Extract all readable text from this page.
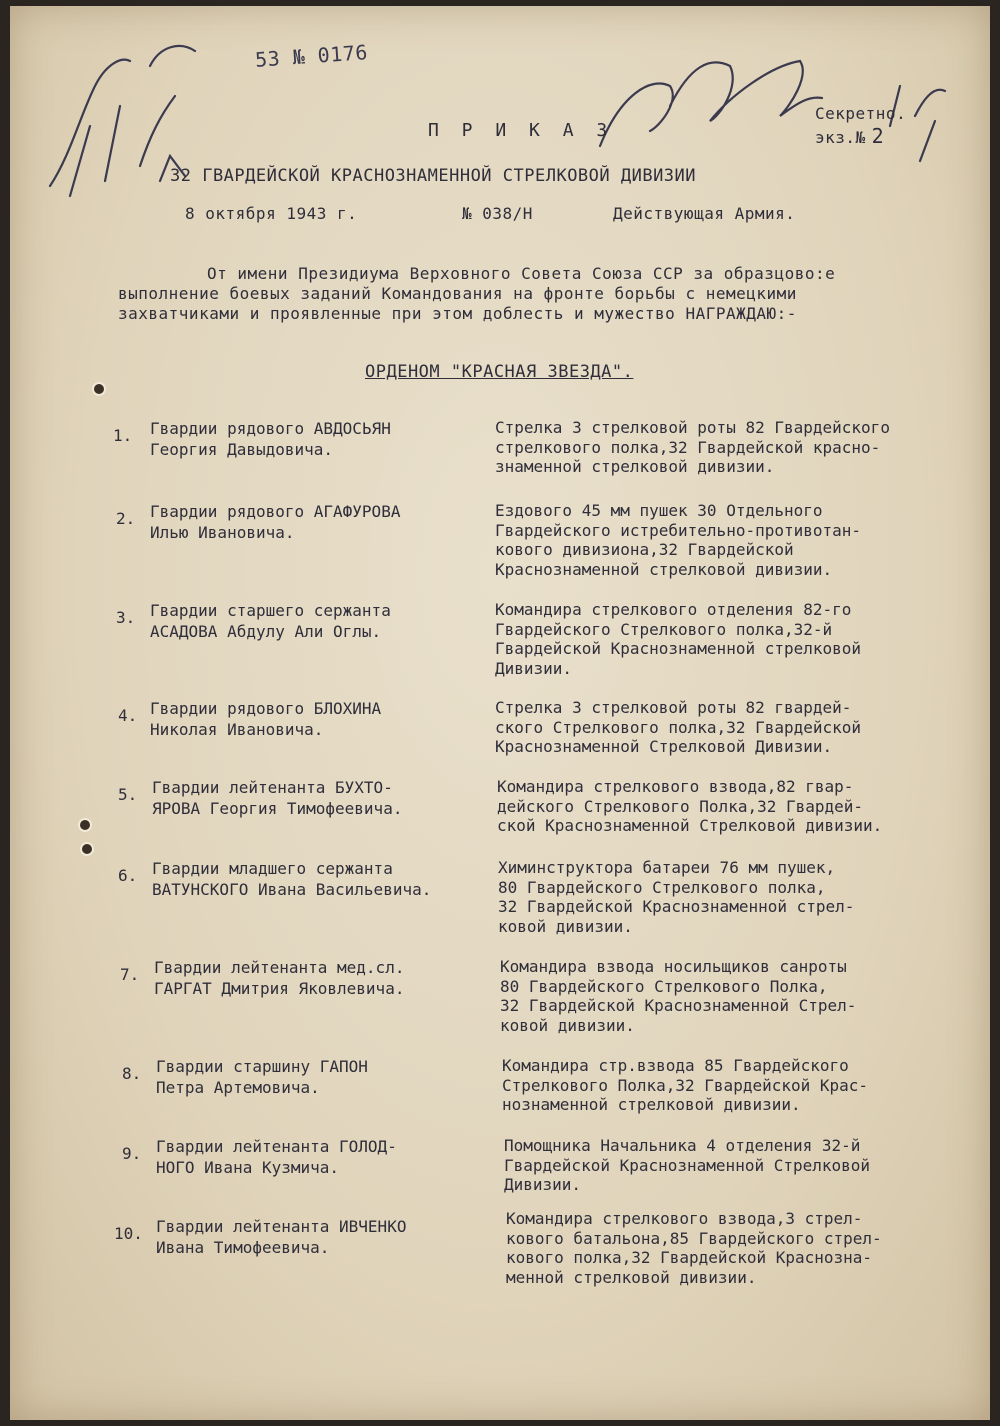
53 № 0176
П Р И К А З
Секретно.
экз.№ 2
32 ГВАРДЕЙСКОЙ КРАСНОЗНАМЕННОЙ СТРЕЛКОВОЙ ДИВИЗИИ
8 октября 1943 г.	№ 038/Н	Действующая Армия.
От имени Президиума Верховного Совета Союза ССР за образцово:е
выполнение боевых заданий Командования на фронте борьбы с немецкими
захватчиками и проявленные при этом доблесть и мужество НАГРАЖДАЮ:-
ОРДЕНОМ "КРАСНАЯ ЗВЕЗДА".
1. Гвардии рядового АВДОСЬЯН
Георгия Давыдовича.
Стрелка 3 стрелковой роты 82 Гвардейского
стрелкового полка,32 Гвардейской красно-
знаменной стрелковой дивизии.
2. Гвардии рядового АГАФУРОВА
Илью Ивановича.
Ездового 45 мм пушек 30 Отдельного
Гвардейского истребительно-противотан-
кового дивизиона,32 Гвардейской
Краснознаменной стрелковой дивизии.
3. Гвардии старшего сержанта
АСАДОВА Абдулу Али Оглы.
Командира стрелкового отделения 82-го
Гвардейского Стрелкового полка,32-й
Гвардейской Краснознаменной стрелковой
Дивизии.
4. Гвардии рядового БЛОХИНА
Николая Ивановича.
Стрелка 3 стрелковой роты 82 гвардей-
ского Стрелкового полка,32 Гвардейской
Краснознаменной Стрелковой Дивизии.
5. Гвардии лейтенанта БУХТО-
ЯРОВА Георгия Тимофеевича.
Командира стрелкового взвода,82 гвар-
дейского Стрелкового Полка,32 Гвардей-
ской Краснознаменной Стрелковой дивизии.
6. Гвардии младшего сержанта
ВАТУНСКОГО Ивана Васильевича.
Химинструктора батареи 76 мм пушек,
80 Гвардейского Стрелкового полка,
32 Гвардейской Краснознаменной стрел-
ковой дивизии.
7. Гвардии лейтенанта мед.сл.
ГАРГАТ Дмитрия Яковлевича.
Командира взвода носильщиков санроты
80 Гвардейского Стрелкового Полка,
32 Гвардейской Краснознаменной Стрел-
ковой дивизии.
8. Гвардии старшину ГАПОН
Петра Артемовича.
Командира стр.взвода 85 Гвардейского
Стрелкового Полка,32 Гвардейской Крас-
нознаменной стрелковой дивизии.
9. Гвардии лейтенанта ГОЛОД-
НОГО Ивана Кузмича.
Помощника Начальника 4 отделения 32-й
Гвардейской Краснознаменной Стрелковой
Дивизии.
10. Гвардии лейтенанта ИВЧЕНКО
Ивана Тимофеевича.
Командира стрелкового взвода,3 стрел-
кового батальона,85 Гвардейского стрел-
кового полка,32 Гвардейской Краснозна-
менной стрелковой дивизии.
